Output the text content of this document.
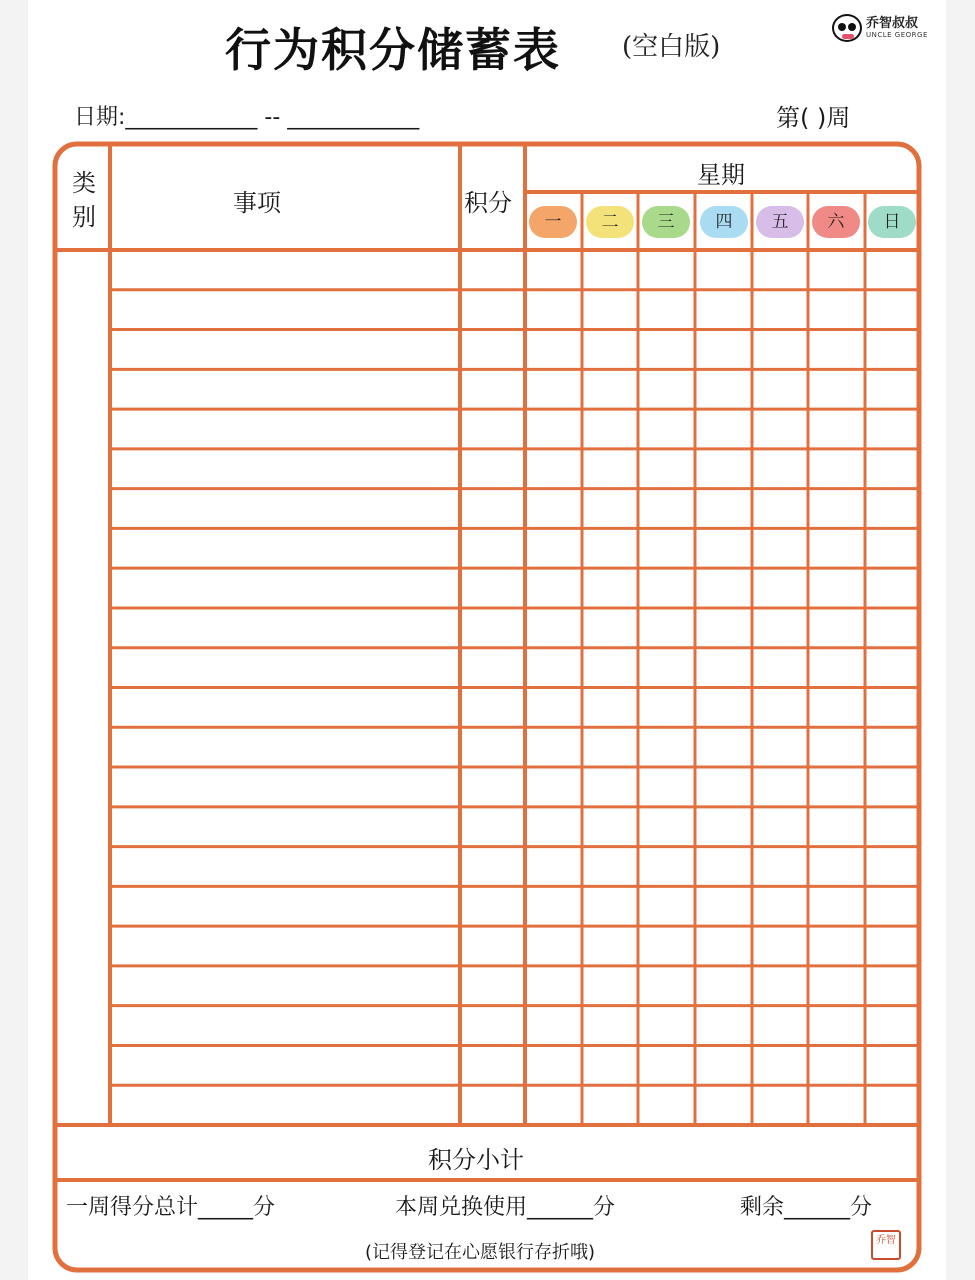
行为积分储蓄表 (空白版)
乔智叔叔
UNCLE GEORGE
日期:____________ -- ____________	第( )周
类
别	事项	积分
星期
一	二	三	四	五	六	日
积分小计
一周得分总计_____分	本周兑换使用______分	剩余______分
(记得登记在心愿银行存折哦)
乔智
